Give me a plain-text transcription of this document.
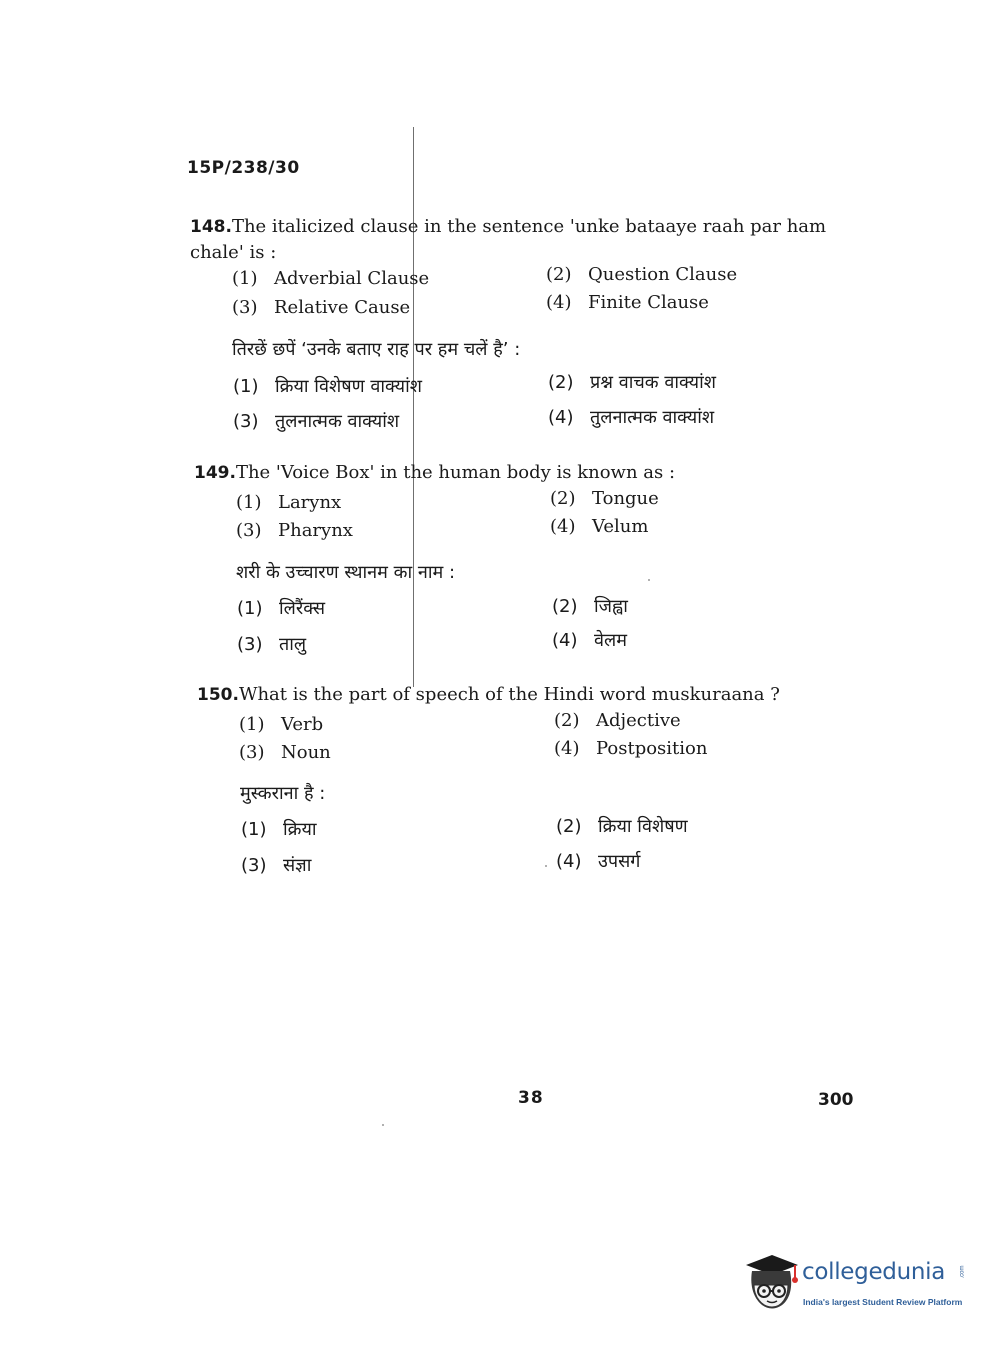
15P/238/30
148.The italicized clause in the sentence 'unke bataaye raah par ham chale' is :
(1) Adverbial Clause	(2) Question Clause
(3) Relative Cause	(4) Finite Clause
तिरछें छपें ‘उनके बताए राह पर हम चलें है’ :
(1) क्रिया विशेषण वाक्यांश	(2) प्रश्न वाचक वाक्यांश
(3) तुलनात्मक वाक्यांश	(4) तुलनात्मक वाक्यांश
149.The 'Voice Box' in the human body is known as :
(1) Larynx	(2) Tongue
(3) Pharynx	(4) Velum
शरी के उच्चारण स्थानम का नाम :
(1) लिरैंक्स	(2) जिह्वा
(3) तालु	(4) वेलम
150.What is the part of speech of the Hindi word muskuraana ?
(1) Verb	(2) Adjective
(3) Noun	(4) Postposition
मुस्कराना है :
(1) क्रिया	(2) क्रिया विशेषण
(3) संज्ञा	(4) उपसर्ग
38	300
collegedunia .com
India's largest Student Review Platform
